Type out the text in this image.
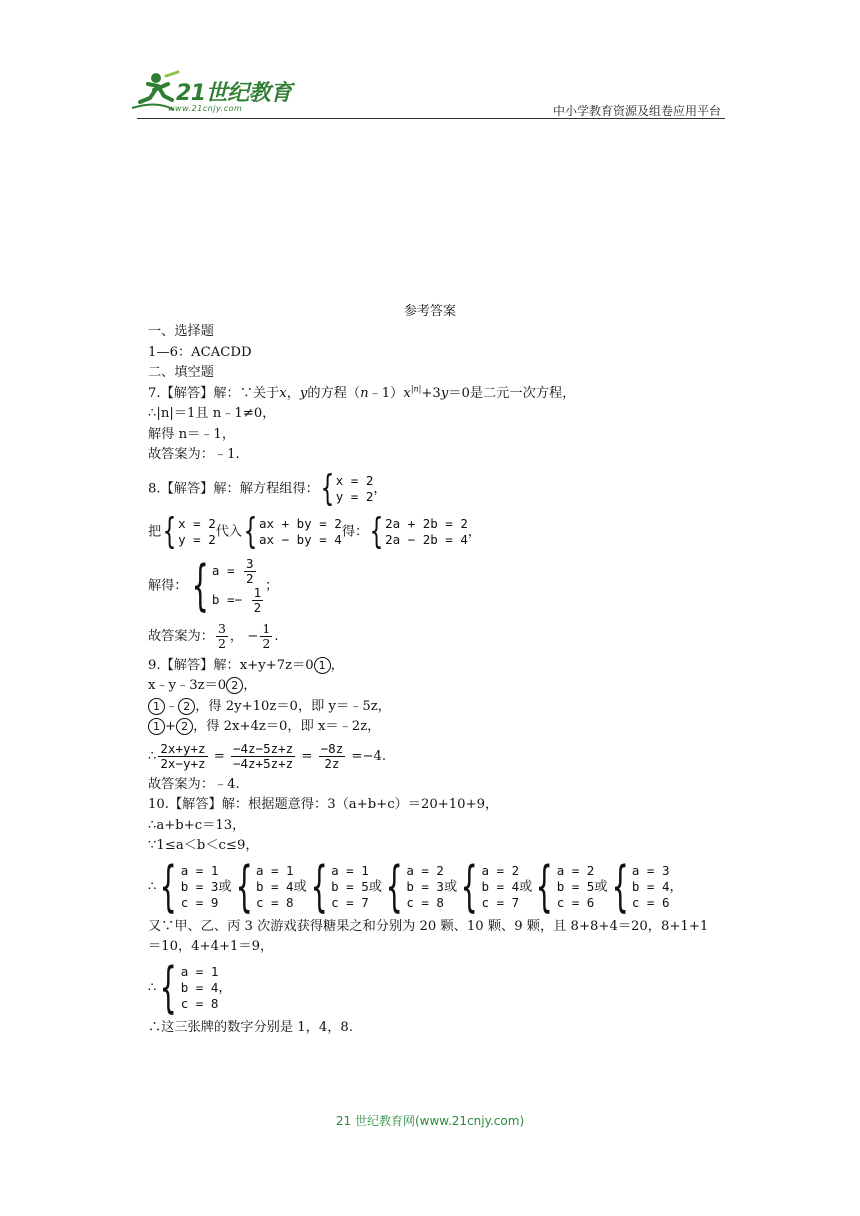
21世纪教育
www.21cnjy.com	中小学教育资源及组卷应用平台
参考答案
一、选择题
1—6：ACACDD
二、填空题
7.【解答】解：∵关于x，y的方程$(n﹣1)x^{|n|}+3y=0$是二元一次方程，
∴|n|＝1且 n﹣1≠0，
解得 n＝﹣1，
故答案为：﹣1.
8.【解答】解：解方程组得： { x = 2
y = 2 ，
把 { x = 2
y = 2 代入 { ax + by = 2
ax − by = 4 得： { 2a + 2b = 2
2a − 2b = 4 ，
解得： { $a = \frac{3}{2}$
$b =- \frac{1}{2}$ ；
故答案为： $\frac{3}{2}$ ， − $\frac{1}{2}$ .
9.【解答】解：x+y+7z＝0 1 ，
x﹣y﹣3z＝0 2 ，
1 ﹣ 2 ，得 2y+10z＝0，即 y＝﹣5z，
1 + 2 ，得 2x+4z＝0，即 x＝﹣2z，
∴ $\frac{2x+y+z}{2x-y+z} = \frac{-4z-5z+z}{-4z+5z+z} = \frac{-8z}{2z} =-4$.
故答案为：﹣4.
10.【解答】解：根据题意得：3（a+b+c）＝20+10+9，
∴a+b+c＝13，
∵1≤a＜b＜c≤9，
∴ { a = 1
b = 3
c = 9
或 { a = 1
b = 4
c = 8
或 { a = 1
b = 5
c = 7
或 { a = 2
b = 3
c = 8
或 { a = 2
b = 4
c = 7
或 { a = 2
b = 5
c = 6
或 { a = 3
b = 4
c = 6
，
又∵甲、乙、丙 3 次游戏获得糖果之和分别为 20 颗、10 颗、9 颗，且 8+8+4＝20，8+1+1
＝10，4+4+1＝9，
∴ { a = 1
b = 4
c = 8
，
∴这三张牌的数字分别是 1，4，8.
21 世纪教育网(www.21cnjy.com)
